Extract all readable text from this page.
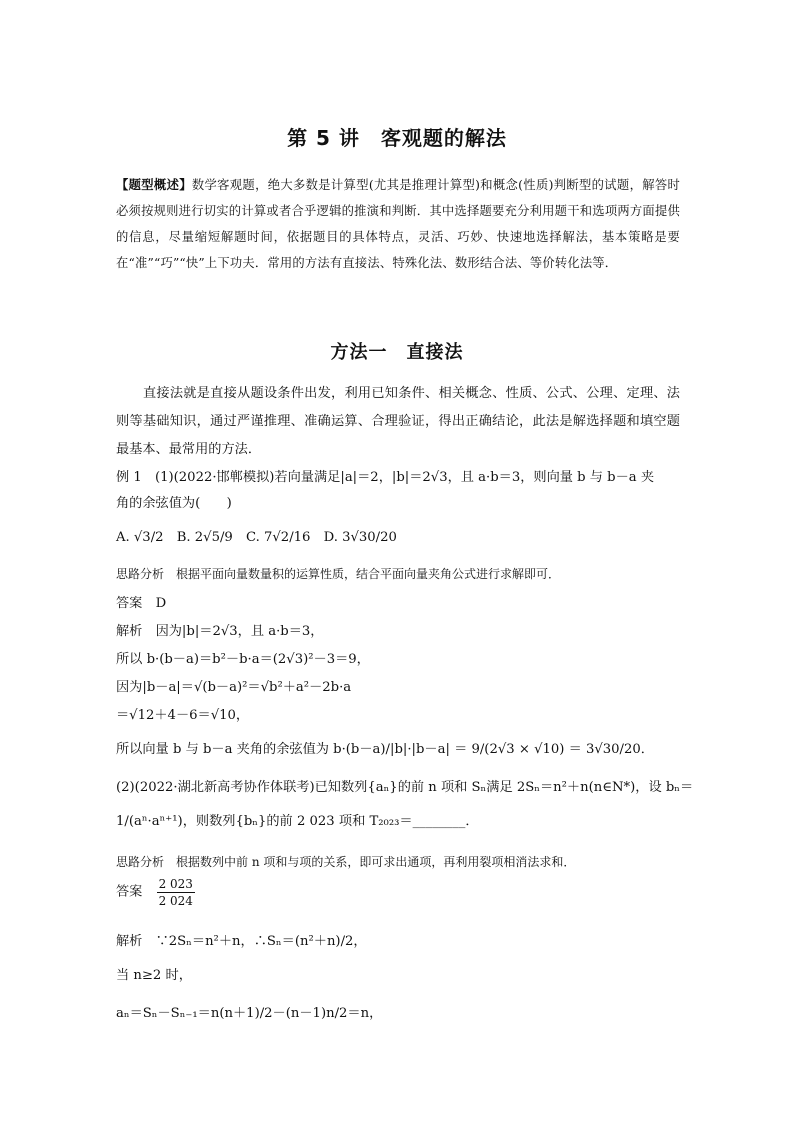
第 5 讲　客观题的解法
【题型概述】数学客观题，绝大多数是计算型(尤其是推理计算型)和概念(性质)判断型的试题，解答时必须按规则进行切实的计算或者合乎逻辑的推演和判断．其中选择题要充分利用题干和选项两方面提供的信息，尽量缩短解题时间，依据题目的具体特点，灵活、巧妙、快速地选择解法，基本策略是要在“准”“巧”“快”上下功夫．常用的方法有直接法、特殊化法、数形结合法、等价转化法等．
方法一　直接法
直接法就是直接从题设条件出发，利用已知条件、相关概念、性质、公式、公理、定理、法则等基础知识，通过严谨推理、准确运算、合理验证，得出正确结论，此法是解选择题和填空题最基本、最常用的方法．
例 1　(1)(2022·邯郸模拟)若向量满足|a|＝2，|b|＝2√3，且 a·b＝3，则向量 b 与 b－a 夹
角的余弦值为(　　)
A. √3/2　B. 2√5/9　C. 7√2/16　D. 3√30/20
思路分析　 根据平面向量数量积的运算性质，结合平面向量夹角公式进行求解即可．
答案　 D
解析　 因为|b|＝2√3，且 a·b＝3，
所以 b·(b－a)＝b²－b·a＝(2√3)²－3＝9，
因为|b－a|＝√(b－a)²＝√b²＋a²－2b·a
＝√12＋4－6＝√10，
所以向量 b 与 b－a 夹角的余弦值为 b·(b－a)/|b|·|b－a| ＝ 9/(2√3 × √10) ＝ 3√30/20．
(2)(2022·湖北新高考协作体联考)已知数列{aₙ}的前 n 项和 Sₙ满足 2Sₙ＝n²＋n(n∈N*)，设 bₙ＝
1/(aⁿ·aⁿ⁺¹)，则数列{bₙ}的前 2 023 项和 T₂₀₂₃＝________．
思路分析　 根据数列中前 n 项和与项的关系，即可求出通项，再利用裂项相消法求和．
答案　 $\frac{2 023}{2 024}$
解析　 ∵2Sₙ＝n²＋n，∴Sₙ＝(n²＋n)/2，
当 n≥2 时，
aₙ＝Sₙ－Sₙ₋₁＝n(n＋1)/2－(n－1)n/2＝n，
